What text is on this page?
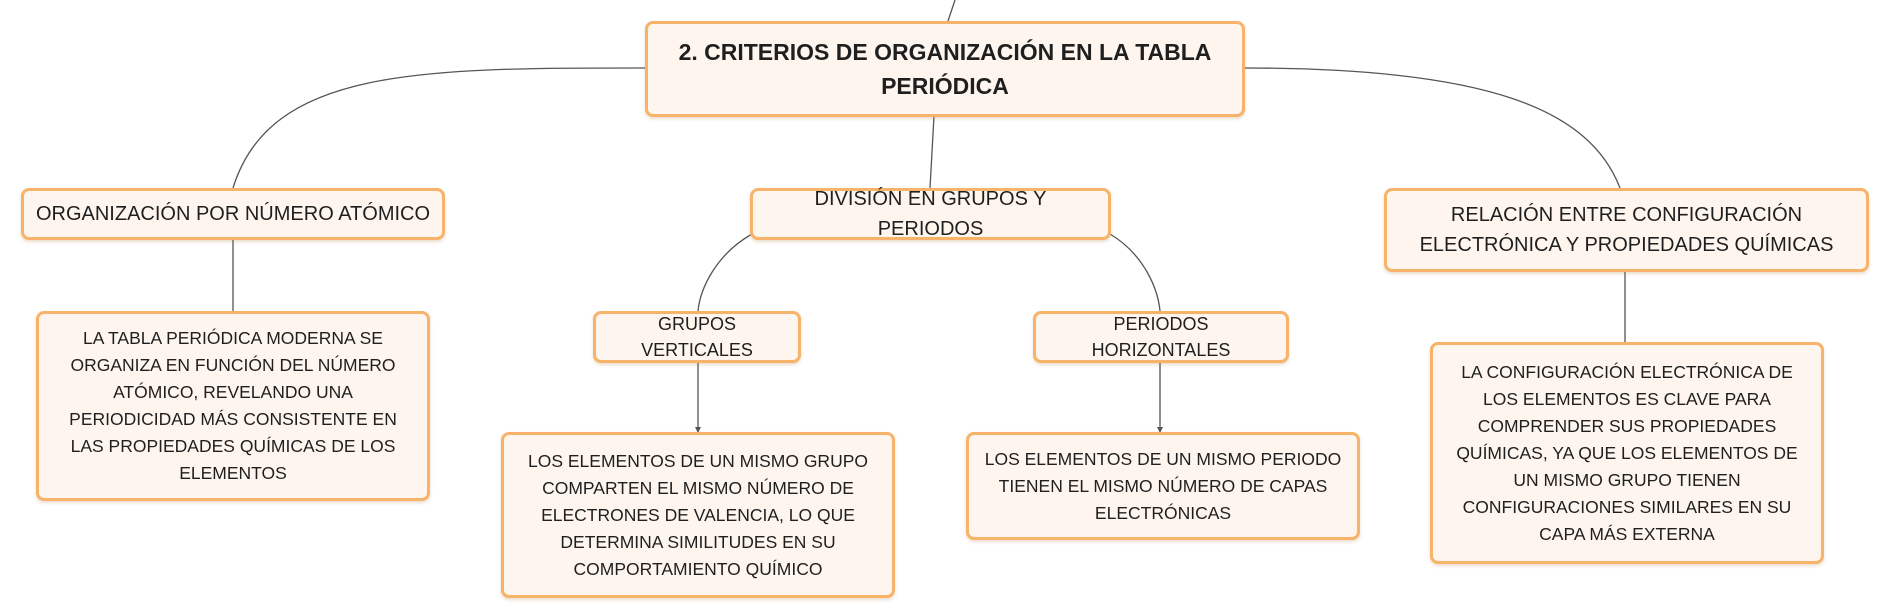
2. CRITERIOS DE ORGANIZACIÓN EN LA TABLA PERIÓDICA
ORGANIZACIÓN POR NÚMERO ATÓMICO
DIVISIÓN EN GRUPOS Y PERIODOS
RELACIÓN ENTRE CONFIGURACIÓN ELECTRÓNICA Y PROPIEDADES QUÍMICAS
GRUPOS VERTICALES
PERIODOS HORIZONTALES
LA TABLA PERIÓDICA MODERNA SE ORGANIZA EN FUNCIÓN DEL NÚMERO ATÓMICO, REVELANDO UNA PERIODICIDAD MÁS CONSISTENTE EN LAS PROPIEDADES QUÍMICAS DE LOS ELEMENTOS
LOS ELEMENTOS DE UN MISMO GRUPO COMPARTEN EL MISMO NÚMERO DE ELECTRONES DE VALENCIA, LO QUE DETERMINA SIMILITUDES EN SU COMPORTAMIENTO QUÍMICO
LOS ELEMENTOS DE UN MISMO PERIODO TIENEN EL MISMO NÚMERO DE CAPAS ELECTRÓNICAS
LA CONFIGURACIÓN ELECTRÓNICA DE LOS ELEMENTOS ES CLAVE PARA COMPRENDER SUS PROPIEDADES QUÍMICAS, YA QUE LOS ELEMENTOS DE UN MISMO GRUPO TIENEN CONFIGURACIONES SIMILARES EN SU CAPA MÁS EXTERNA
